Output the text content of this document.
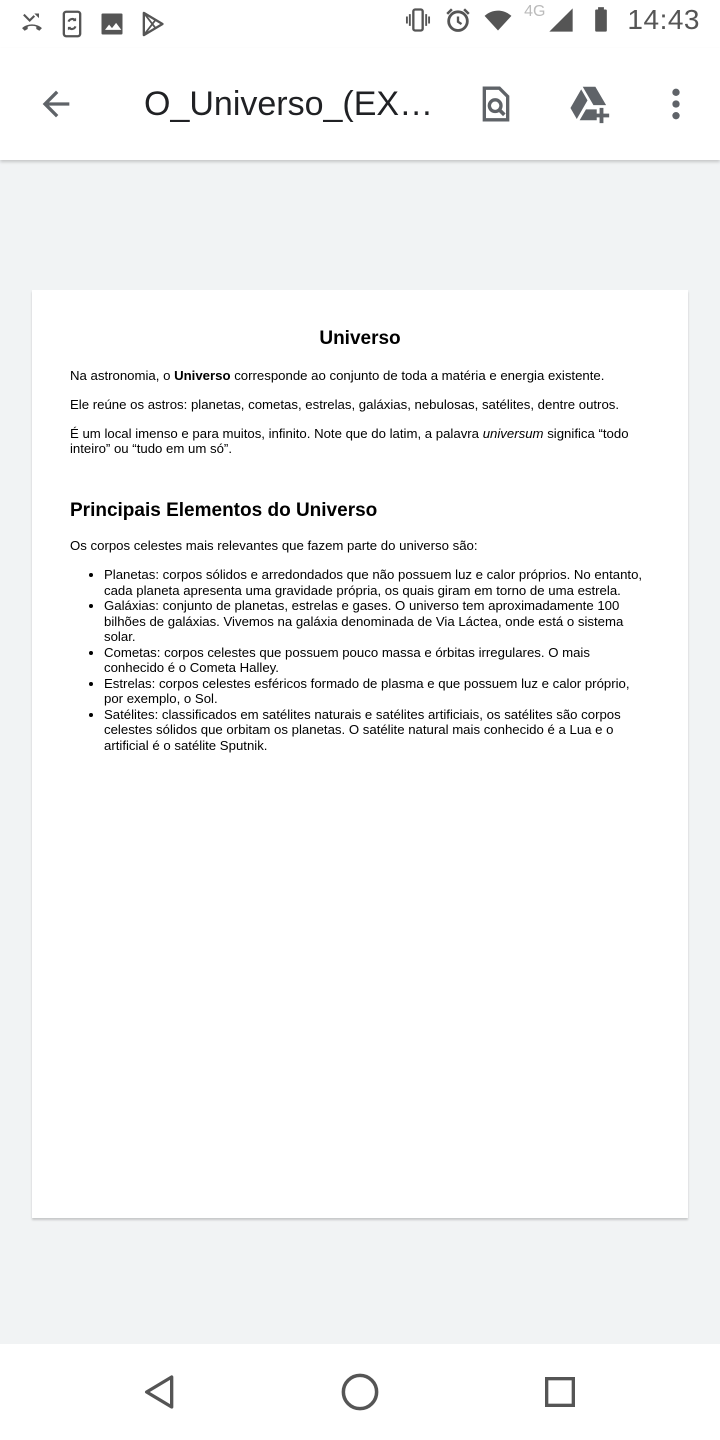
4G	14:43
O_Universo_(EX…
Universo

Na astronomia, o Universo corresponde ao conjunto de toda a matéria e energia existente.

Ele reúne os astros: planetas, cometas, estrelas, galáxias, nebulosas, satélites, dentre outros.

É um local imenso e para muitos, infinito. Note que do latim, a palavra universum significa “todo inteiro” ou “tudo em um só”.

Principais Elementos do Universo

Os corpos celestes mais relevantes que fazem parte do universo são:

• Planetas: corpos sólidos e arredondados que não possuem luz e calor próprios. No entanto, cada planeta apresenta uma gravidade própria, os quais giram em torno de uma estrela.
• Galáxias: conjunto de planetas, estrelas e gases. O universo tem aproximadamente 100 bilhões de galáxias. Vivemos na galáxia denominada de Via Láctea, onde está o sistema solar.
• Cometas: corpos celestes que possuem pouco massa e órbitas irregulares. O mais conhecido é o Cometa Halley.
• Estrelas: corpos celestes esféricos formado de plasma e que possuem luz e calor próprio, por exemplo, o Sol.
• Satélites: classificados em satélites naturais e satélites artificiais, os satélites são corpos celestes sólidos que orbitam os planetas. O satélite natural mais conhecido é a Lua e o artificial é o satélite Sputnik.
